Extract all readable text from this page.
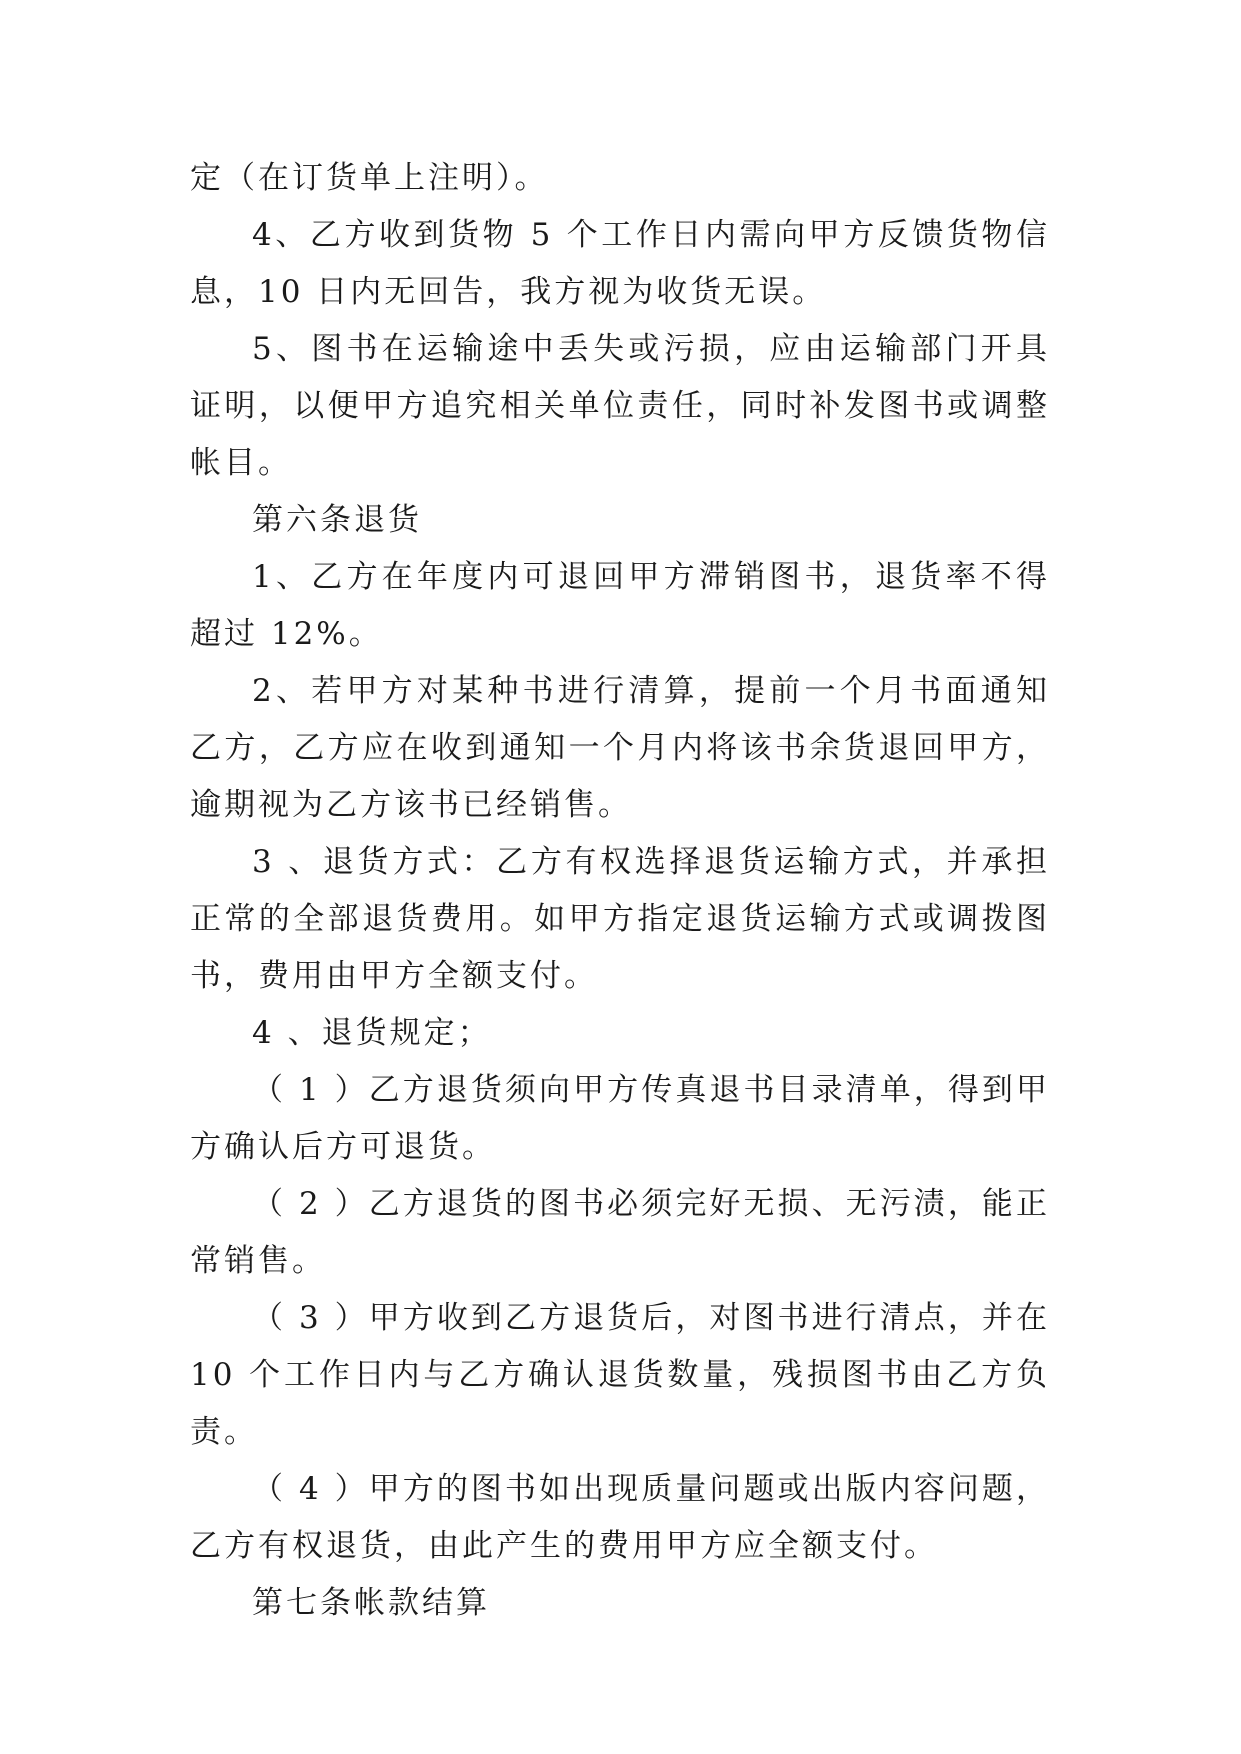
定（在订货单上注明）。

4、乙方收到货物 5 个工作日内需向甲方反馈货物信息，10 日内无回告，我方视为收货无误。

5、图书在运输途中丢失或污损，应由运输部门开具证明，以便甲方追究相关单位责任，同时补发图书或调整帐目。

第六条退货

1、乙方在年度内可退回甲方滞销图书，退货率不得超过 12%。

2、若甲方对某种书进行清算，提前一个月书面通知乙方，乙方应在收到通知一个月内将该书余货退回甲方，逾期视为乙方该书已经销售。

3 、退货方式：乙方有权选择退货运输方式，并承担正常的全部退货费用。如甲方指定退货运输方式或调拨图书，费用由甲方全额支付。

4 、退货规定；

（ 1 ）乙方退货须向甲方传真退书目录清单，得到甲方确认后方可退货。

（ 2 ）乙方退货的图书必须完好无损、无污渍，能正常销售。

（ 3 ）甲方收到乙方退货后，对图书进行清点，并在 10 个工作日内与乙方确认退货数量，残损图书由乙方负责。

（ 4 ）甲方的图书如出现质量问题或出版内容问题，乙方有权退货，由此产生的费用甲方应全额支付。

第七条帐款结算
